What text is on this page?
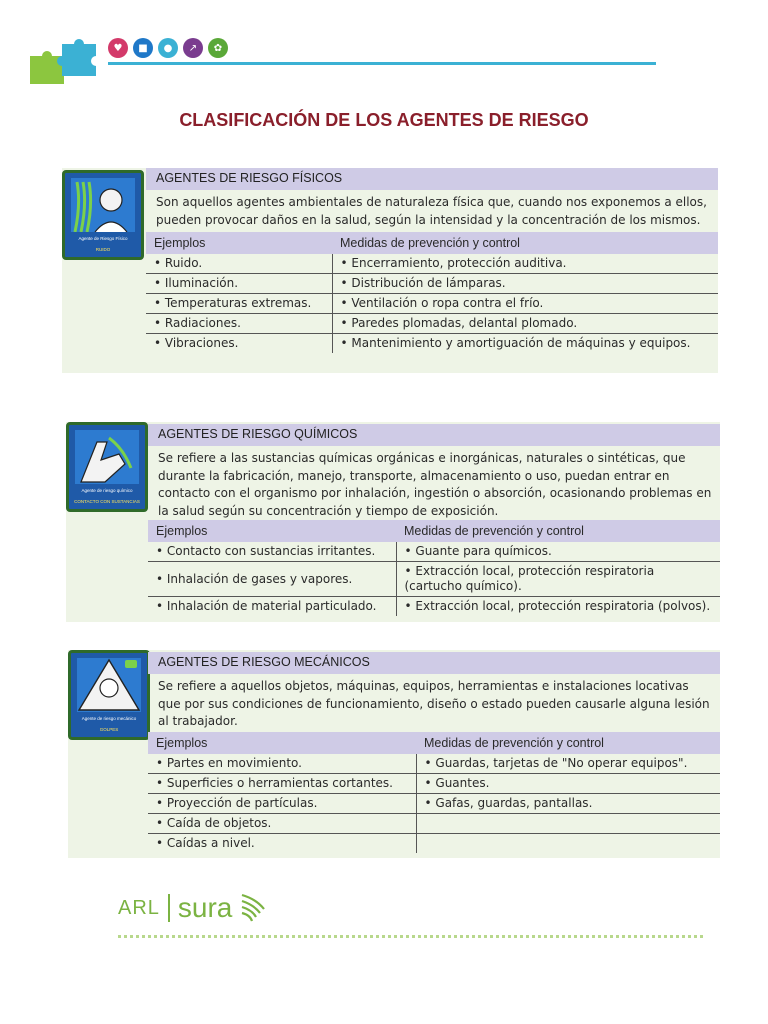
♥	■	●	↗	✿
CLASIFICACIÓN DE LOS AGENTES DE RIESGO
Agente de Riesgo Físico
RUIDO
AGENTES DE RIESGO FÍSICOS
Son aquellos agentes ambientales de naturaleza física que, cuando nos exponemos a ellos, pueden provocar daños en la salud, según la intensidad y la concentración de los mismos.
Ejemplos	Medidas de prevención y control
• Ruido.	• Encerramiento, protección auditiva.
• Iluminación.	• Distribución de lámparas.
• Temperaturas extremas.	• Ventilación o ropa contra el frío.
• Radiaciones.	• Paredes plomadas, delantal plomado.
• Vibraciones.	• Mantenimiento y amortiguación de máquinas y equipos.
Agente de riesgo químico
CONTACTO CON SUSTANCIAS
AGENTES DE RIESGO QUÍMICOS
Se refiere a las sustancias químicas orgánicas e inorgánicas, naturales o sintéticas, que durante la fabricación, manejo, transporte, almacenamiento o uso, puedan entrar en contacto con el organismo por inhalación, ingestión o absorción, ocasionando problemas en la salud según su concentración y tiempo de exposición.
Ejemplos	Medidas de prevención y control
• Contacto con sustancias irritantes.	• Guante para químicos.
• Inhalación de gases y vapores.	• Extracción local, protección respiratoria (cartucho químico).
• Inhalación de material particulado.	• Extracción local, protección respiratoria (polvos).
Agente de riesgo mecánico
GOLPES
AGENTES DE RIESGO MECÁNICOS
Se refiere a aquellos objetos, máquinas, equipos, herramientas e instalaciones locativas que por sus condiciones de funcionamiento, diseño o estado pueden causarle alguna lesión al trabajador.
Ejemplos	Medidas de prevención y control
• Partes en movimiento.	• Guardas, tarjetas de "No operar equipos".
• Superficies o herramientas cortantes.	• Guantes.
• Proyección de partículas.	• Gafas, guardas, pantallas.
• Caída de objetos.	
• Caídas a nivel.	
ARL sura
